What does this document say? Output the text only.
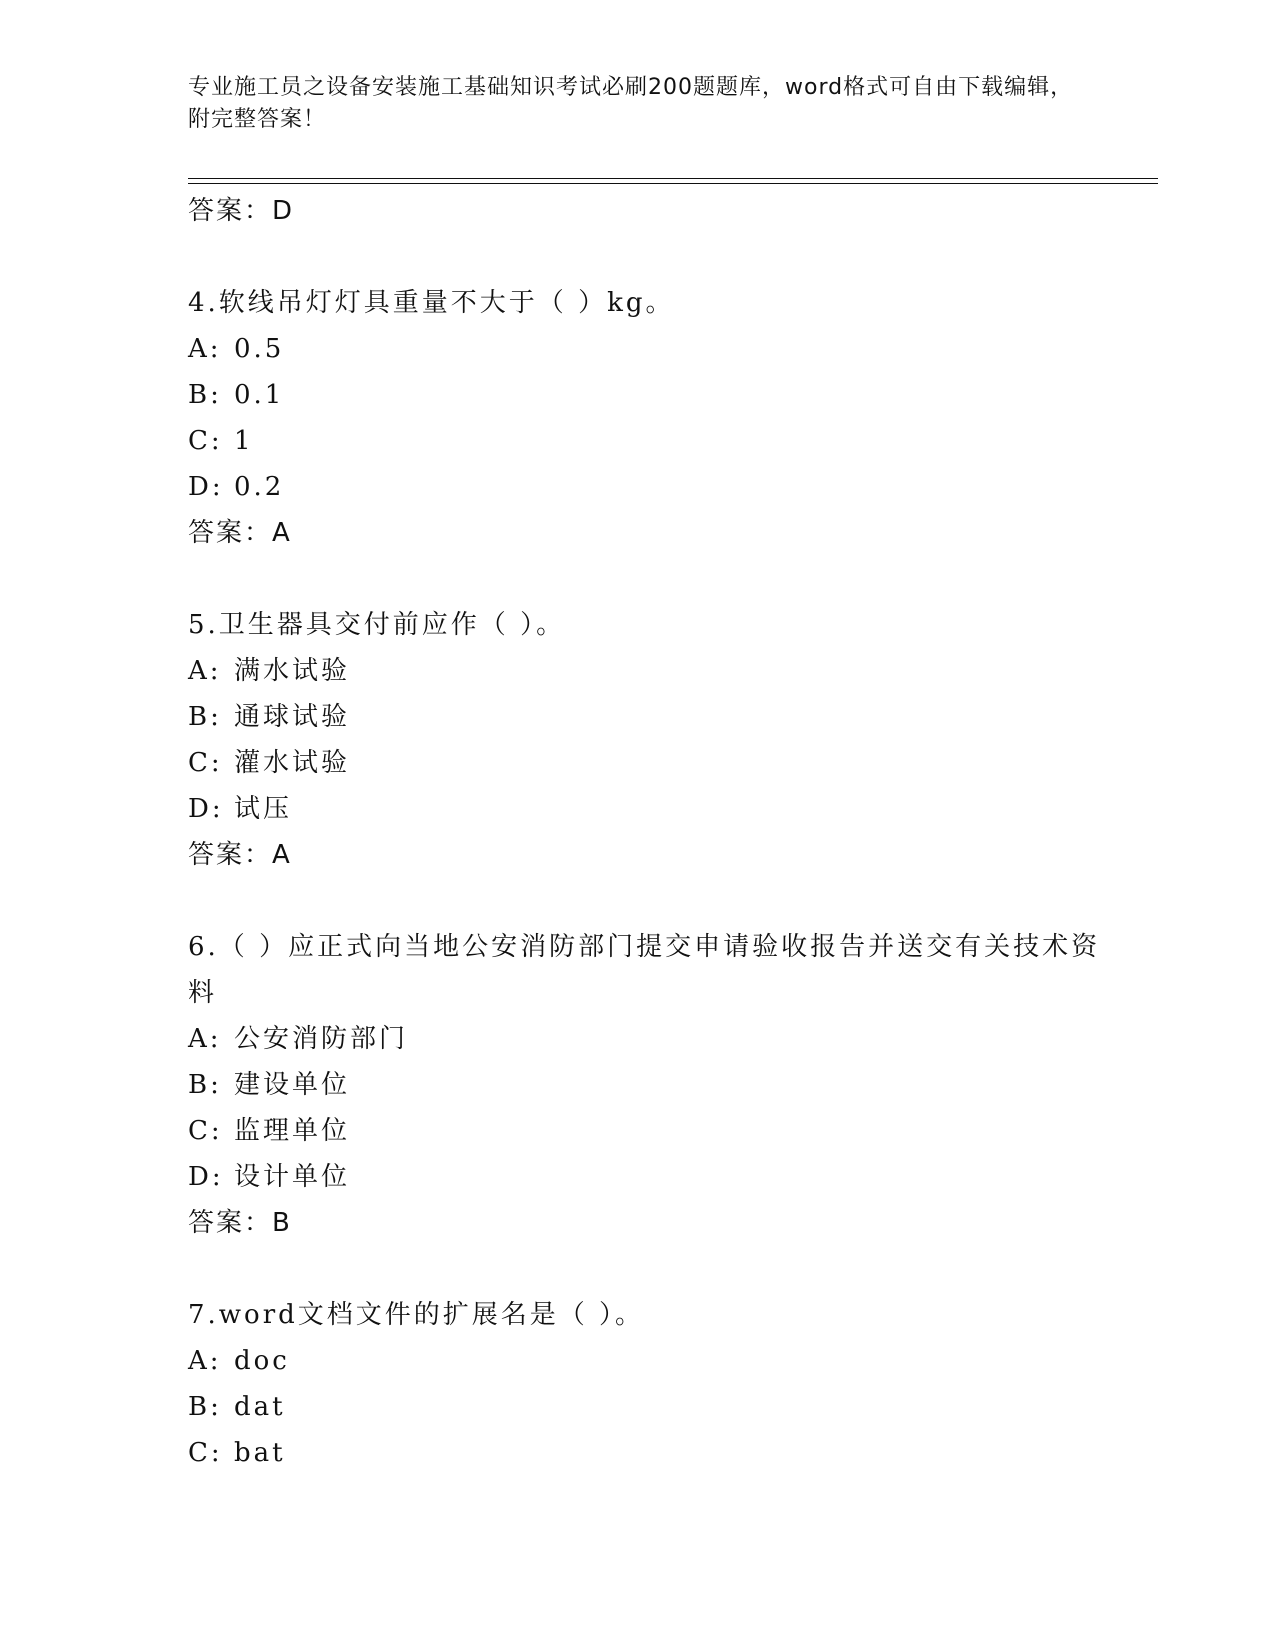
专业施工员之设备安装施工基础知识考试必刷200题题库，word格式可自由下载编辑，附完整答案！
答案：D
4.软线吊灯灯具重量不大于（ ）kg。
A: 0.5
B: 0.1
C: 1
D: 0.2
答案：A
5.卫生器具交付前应作（ ）。
A: 满水试验
B: 通球试验
C: 灌水试验
D: 试压
答案：A
6.（ ）应正式向当地公安消防部门提交申请验收报告并送交有关技术资料
A: 公安消防部门
B: 建设单位
C: 监理单位
D: 设计单位
答案：B
7.word文档文件的扩展名是（ ）。
A: doc
B: dat
C: bat
